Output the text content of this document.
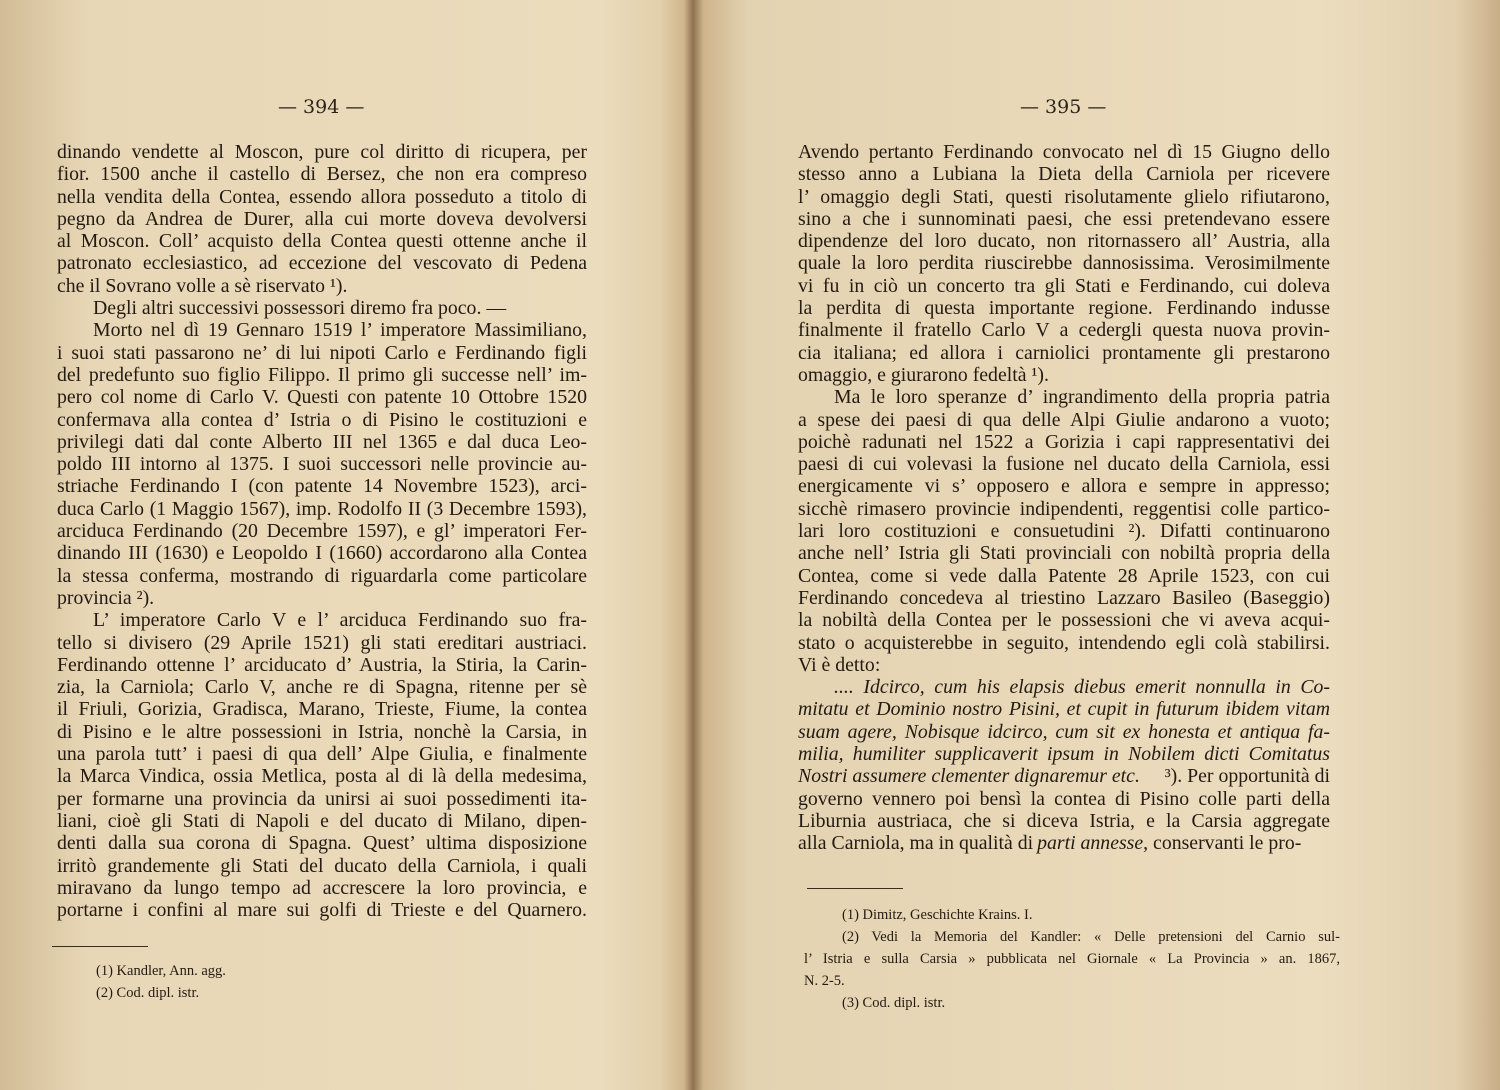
— 394 —
dinando vendette al Moscon, pure col diritto di ricupera, per
fior. 1500 anche il castello di Bersez, che non era compreso
nella vendita della Contea, essendo allora posseduto a titolo di
pegno da Andrea de Durer, alla cui morte doveva devolversi
al Moscon. Coll’ acquisto della Contea questi ottenne anche il
patronato ecclesiastico, ad eccezione del vescovato di Pedena
che il Sovrano volle a sè riservato ¹).
Degli altri successivi possessori diremo fra poco. —
Morto nel dì 19 Gennaro 1519 l’ imperatore Massimiliano,
i suoi stati passarono ne’ di lui nipoti Carlo e Ferdinando figli
del predefunto suo figlio Filippo. Il primo gli successe nell’ im-
pero col nome di Carlo V. Questi con patente 10 Ottobre 1520
confermava alla contea d’ Istria o di Pisino le costituzioni e
privilegi dati dal conte Alberto III nel 1365 e dal duca Leo-
poldo III intorno al 1375. I suoi successori nelle provincie au-
striache Ferdinando I (con patente 14 Novembre 1523), arci-
duca Carlo (1 Maggio 1567), imp. Rodolfo II (3 Decembre 1593),
arciduca Ferdinando (20 Decembre 1597), e gl’ imperatori Fer-
dinando III (1630) e Leopoldo I (1660) accordarono alla Contea
la stessa conferma, mostrando di riguardarla come particolare
provincia ²).
L’ imperatore Carlo V e l’ arciduca Ferdinando suo fra-
tello si divisero (29 Aprile 1521) gli stati ereditari austriaci.
Ferdinando ottenne l’ arciducato d’ Austria, la Stiria, la Carin-
zia, la Carniola; Carlo V, anche re di Spagna, ritenne per sè
il Friuli, Gorizia, Gradisca, Marano, Trieste, Fiume, la contea
di Pisino e le altre possessioni in Istria, nonchè la Carsia, in
una parola tutt’ i paesi di qua dell’ Alpe Giulia, e finalmente
la Marca Vindica, ossia Metlica, posta al di là della medesima,
per formarne una provincia da unirsi ai suoi possedimenti ita-
liani, cioè gli Stati di Napoli e del ducato di Milano, dipen-
denti dalla sua corona di Spagna. Quest’ ultima disposizione
irritò grandemente gli Stati del ducato della Carniola, i quali
miravano da lungo tempo ad accrescere la loro provincia, e
portarne i confini al mare sui golfi di Trieste e del Quarnero.
(1) Kandler, Ann. agg.
(2) Cod. dipl. istr.
— 395 —
Avendo pertanto Ferdinando convocato nel dì 15 Giugno dello
stesso anno a Lubiana la Dieta della Carniola per ricevere
l’ omaggio degli Stati, questi risolutamente glielo rifiutarono,
sino a che i sunnominati paesi, che essi pretendevano essere
dipendenze del loro ducato, non ritornassero all’ Austria, alla
quale la loro perdita riuscirebbe dannosissima. Verosimilmente
vi fu in ciò un concerto tra gli Stati e Ferdinando, cui doleva
la perdita di questa importante regione. Ferdinando indusse
finalmente il fratello Carlo V a cedergli questa nuova provin-
cia italiana; ed allora i carniolici prontamente gli prestarono
omaggio, e giurarono fedeltà ¹).
Ma le loro speranze d’ ingrandimento della propria patria
a spese dei paesi di qua delle Alpi Giulie andarono a vuoto;
poichè radunati nel 1522 a Gorizia i capi rappresentativi dei
paesi di cui volevasi la fusione nel ducato della Carniola, essi
energicamente vi s’ opposero e allora e sempre in appresso;
sicchè rimasero provincie indipendenti, reggentisi colle partico-
lari loro costituzioni e consuetudini ²). Difatti continuarono
anche nell’ Istria gli Stati provinciali con nobiltà propria della
Contea, come si vede dalla Patente 28 Aprile 1523, con cui
Ferdinando concedeva al triestino Lazzaro Basileo (Baseggio)
la nobiltà della Contea per le possessioni che vi aveva acqui-
stato o acquisterebbe in seguito, intendendo egli colà stabilirsi.
Vi è detto:
.... Idcirco, cum his elapsis diebus emerit nonnulla in Co-
mitatu et Dominio nostro Pisini, et cupit in futurum ibidem vitam
suam agere, Nobisque idcirco, cum sit ex honesta et antiqua fa-
milia, humiliter supplicaverit ipsum in Nobilem dicti Comitatus
Nostri assumere clementer dignaremur etc. ³). Per opportunità di
governo vennero poi bensì la contea di Pisino colle parti della
Liburnia austriaca, che si diceva Istria, e la Carsia aggregate
alla Carniola, ma in qualità di parti annesse , conservanti le pro-
(1) Dimitz, Geschichte Krains. I.
(2) Vedi la Memoria del Kandler: « Delle pretensioni del Carnio sul-
l’ Istria e sulla Carsia » pubblicata nel Giornale « La Provincia » an. 1867,
N. 2-5.
(3) Cod. dipl. istr.
